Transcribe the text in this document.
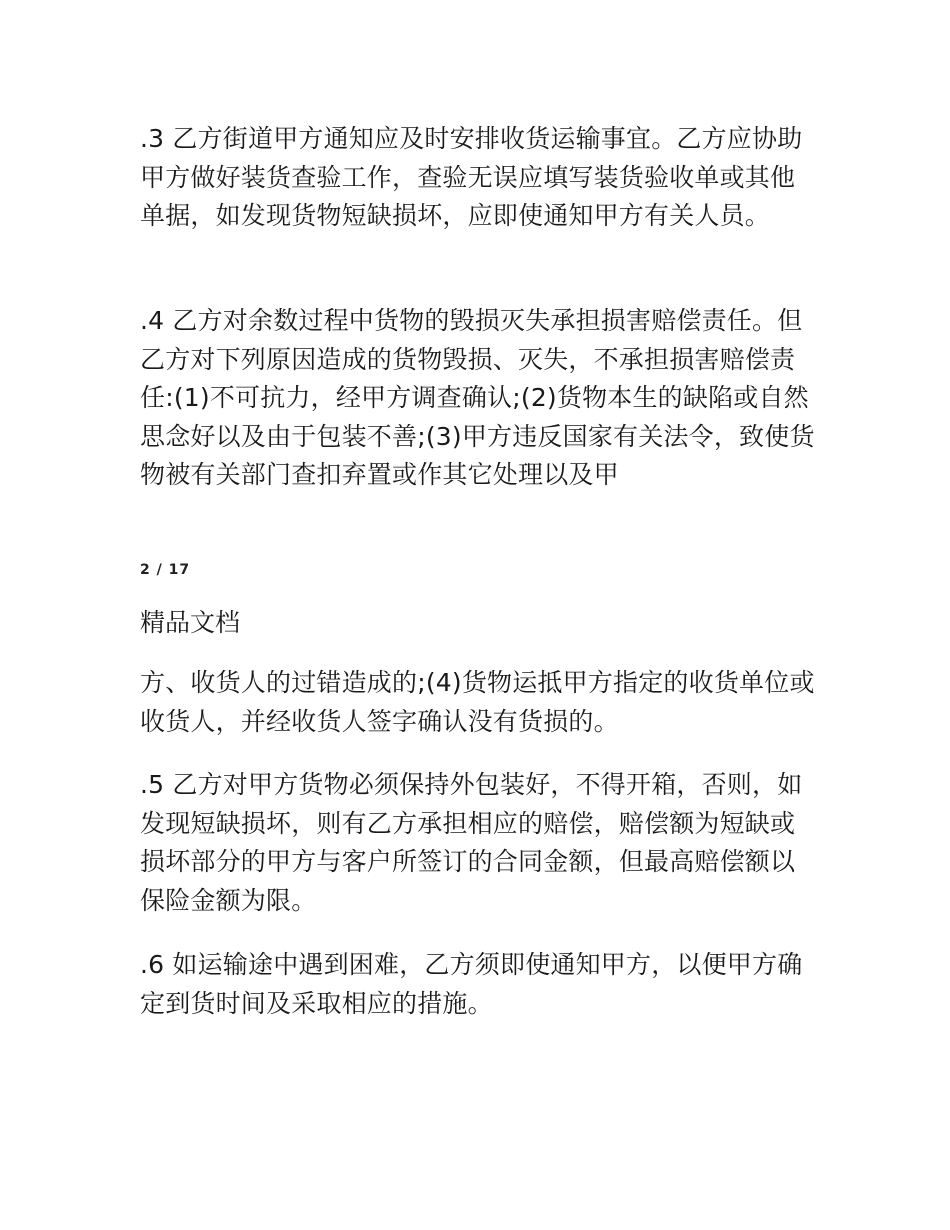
.3 乙方街道甲方通知应及时安排收货运输事宜。乙方应协助甲方做好装货查验工作，查验无误应填写装货验收单或其他单据，如发现货物短缺损坏，应即使通知甲方有关人员。

.4 乙方对余数过程中货物的毁损灭失承担损害赔偿责任。但乙方对下列原因造成的货物毁损、灭失，不承担损害赔偿责任:(1)不可抗力，经甲方调查确认;(2)货物本生的缺陷或自然思念好以及由于包装不善;(3)甲方违反国家有关法令，致使货物被有关部门查扣弃置或作其它处理以及甲

2 / 17
精品文档

方、收货人的过错造成的;(4)货物运抵甲方指定的收货单位或收货人，并经收货人签字确认没有货损的。

.5 乙方对甲方货物必须保持外包装好，不得开箱，否则，如发现短缺损坏，则有乙方承担相应的赔偿，赔偿额为短缺或损坏部分的甲方与客户所签订的合同金额，但最高赔偿额以保险金额为限。

.6 如运输途中遇到困难，乙方须即使通知甲方，以便甲方确定到货时间及采取相应的措施。
